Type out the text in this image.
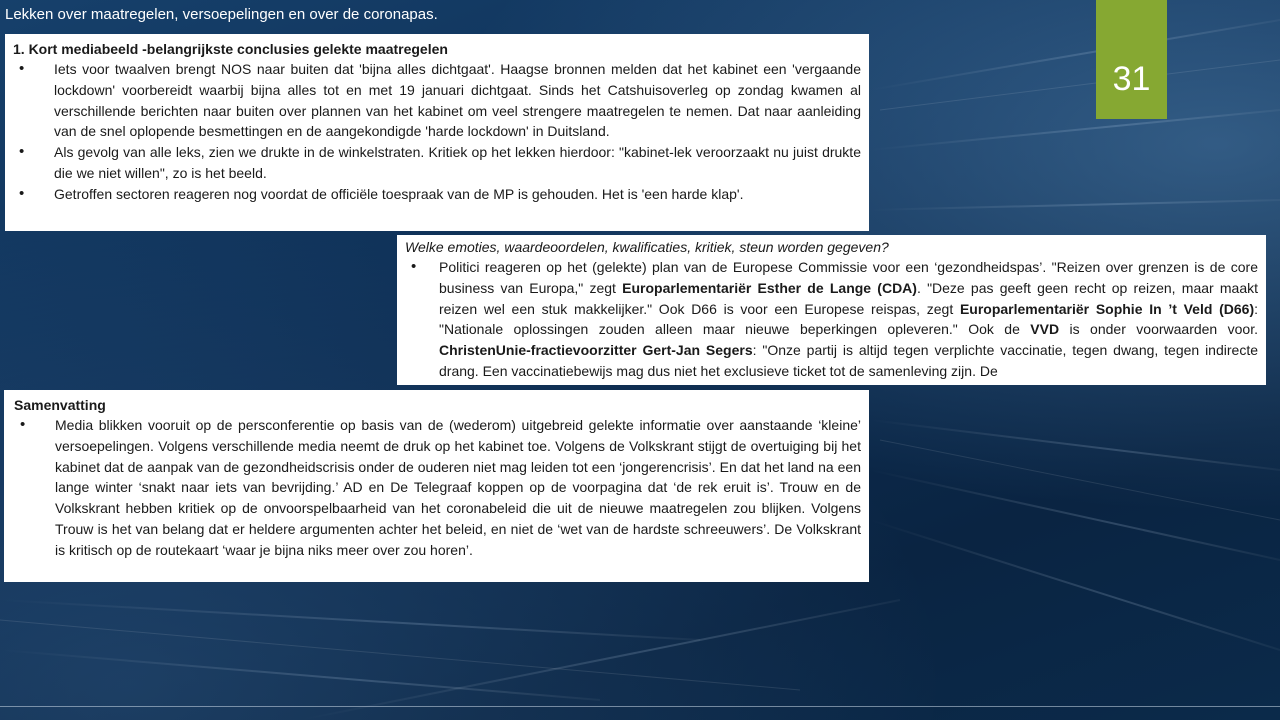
Lekken over maatregelen, versoepelingen en over de coronapas.
31
1. Kort mediabeeld -belangrijkste conclusies gelekte maatregelen
• Iets voor twaalven brengt NOS naar buiten dat 'bijna alles dichtgaat'. Haagse bronnen melden dat het kabinet een 'vergaande lockdown' voorbereidt waarbij bijna alles tot en met 19 januari dichtgaat. Sinds het Catshuisoverleg op zondag kwamen al verschillende berichten naar buiten over plannen van het kabinet om veel strengere maatregelen te nemen. Dat naar aanleiding van de snel oplopende besmettingen en de aangekondigde 'harde lockdown' in Duitsland.
• Als gevolg van alle leks, zien we drukte in de winkelstraten. Kritiek op het lekken hierdoor: "kabinet-lek veroorzaakt nu juist drukte die we niet willen", zo is het beeld.
• Getroffen sectoren reageren nog voordat de officiële toespraak van de MP is gehouden. Het is 'een harde klap'.
Welke emoties, waardeoordelen, kwalificaties, kritiek, steun worden gegeven?
• Politici reageren op het (gelekte) plan van de Europese Commissie voor een ‘gezondheidspas’. "Reizen over grenzen is de core business van Europa," zegt Europarlementariër Esther de Lange (CDA). "Deze pas geeft geen recht op reizen, maar maakt reizen wel een stuk makkelijker." Ook D66 is voor een Europese reispas, zegt Europarlementariër Sophie In ’t Veld (D66): "Nationale oplossingen zouden alleen maar nieuwe beperkingen opleveren." Ook de VVD is onder voorwaarden voor. ChristenUnie-fractievoorzitter Gert-Jan Segers: "Onze partij is altijd tegen verplichte vaccinatie, tegen dwang, tegen indirecte drang. Een vaccinatiebewijs mag dus niet het exclusieve ticket tot de samenleving zijn. De
Samenvatting
• Media blikken vooruit op de persconferentie op basis van de (wederom) uitgebreid gelekte informatie over aanstaande ‘kleine’ versoepelingen. Volgens verschillende media neemt de druk op het kabinet toe. Volgens de Volkskrant stijgt de overtuiging bij het kabinet dat de aanpak van de gezondheidscrisis onder de ouderen niet mag leiden tot een ‘jongerencrisis’. En dat het land na een lange winter ‘snakt naar iets van bevrijding.’ AD en De Telegraaf koppen op de voorpagina dat ‘de rek eruit is’. Trouw en de Volkskrant hebben kritiek op de onvoorspelbaarheid van het coronabeleid die uit de nieuwe maatregelen zou blijken. Volgens Trouw is het van belang dat er heldere argumenten achter het beleid, en niet de ‘wet van de hardste schreeuwers’. De Volkskrant is kritisch op de routekaart ‘waar je bijna niks meer over zou horen’.
